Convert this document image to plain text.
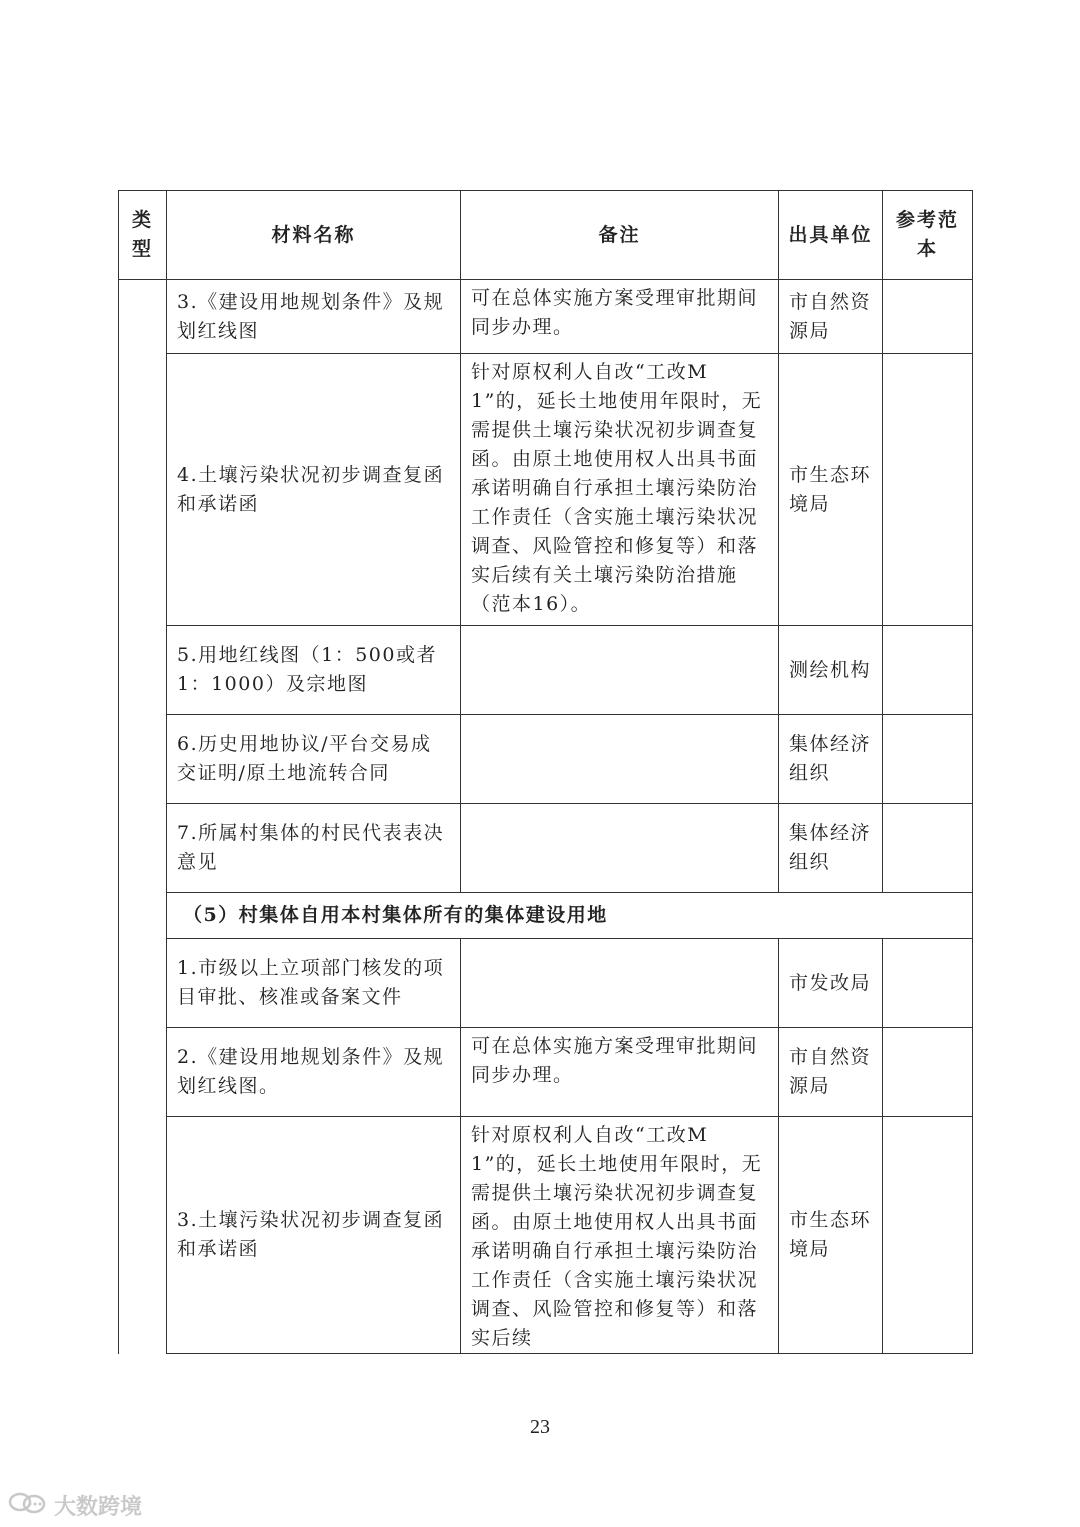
类型	材料名称	备注	出具单位	参考范本
	3.《建设用地规划条件》及规划红线图	可在总体实施方案受理审批期间同步办理。	市自然资源局	
	4.土壤污染状况初步调查复函和承诺函	针对原权利人自改“工改M1”的，延长土地使用年限时，无需提供土壤污染状况初步调查复函。由原土地使用权人出具书面承诺明确自行承担土壤污染防治工作责任（含实施土壤污染状况调查、风险管控和修复等）和落实后续有关土壤污染防治措施（范本16）。	市生态环境局	
	5.用地红线图（1：500或者1：1000）及宗地图		测绘机构	
	6.历史用地协议/平台交易成交证明/原土地流转合同		集体经济组织	
	7.所属村集体的村民代表表决意见		集体经济组织	
	（5）村集体自用本村集体所有的集体建设用地			
	1.市级以上立项部门核发的项目审批、核准或备案文件		市发改局	
	2.《建设用地规划条件》及规划红线图。	可在总体实施方案受理审批期间同步办理。	市自然资源局	
	3.土壤污染状况初步调查复函和承诺函	针对原权利人自改“工改M1”的，延长土地使用年限时，无需提供土壤污染状况初步调查复函。由原土地使用权人出具书面承诺明确自行承担土壤污染防治工作责任（含实施土壤污染状况调查、风险管控和修复等）和落实后续	市生态环境局	
23
大数跨境
